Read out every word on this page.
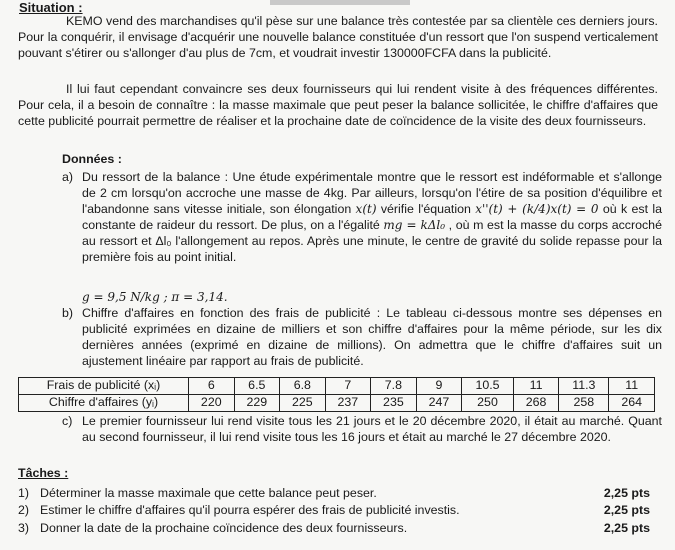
Situation :

KEMO vend des marchandises qu'il pèse sur une balance très contestée par sa clientèle ces derniers jours. Pour la conquérir, il envisage d'acquérir une nouvelle balance constituée d'un ressort que l'on suspend verticalement pouvant s'étirer ou s'allonger d'au plus de 7cm, et voudrait investir 130000FCFA dans la publicité.

Il lui faut cependant convaincre ses deux fournisseurs qui lui rendent visite à des fréquences différentes. Pour cela, il a besoin de connaître : la masse maximale que peut peser la balance sollicitée, le chiffre d'affaires que cette publicité pourrait permettre de réaliser et la prochaine date de coïncidence de la visite des deux fournisseurs.

Données :
a) Du ressort de la balance : Une étude expérimentale montre que le ressort est indéformable et s'allonge de 2 cm lorsqu'on accroche une masse de 4kg. Par ailleurs, lorsqu'on l'étire de sa position d'équilibre et l'abandonne sans vitesse initiale, son élongation x(t) vérifie l'équation x''(t) + (k/4)x(t) = 0 où k est la constante de raideur du ressort. De plus, on a l'égalité mg = kΔl₀ , où m est la masse du corps accroché au ressort et Δl₀ l'allongement au repos. Après une minute, le centre de gravité du solide repasse pour la première fois au point initial.

g = 9,5 N/kg ; π = 3,14.

b) Chiffre d'affaires en fonction des frais de publicité : Le tableau ci-dessous montre ses dépenses en publicité exprimées en dizaine de milliers et son chiffre d'affaires pour la même période, sur les dix dernières années (exprimé en dizaine de millions). On admettra que le chiffre d'affaires suit un ajustement linéaire par rapport au frais de publicité.

Frais de publicité (xᵢ)	6	6.5	6.8	7	7.8	9	10.5	11	11.3	11
Chiffre d'affaires (yᵢ)	220	229	225	237	235	247	250	268	258	264
c) Le premier fournisseur lui rend visite tous les 21 jours et le 20 décembre 2020, il était au marché. Quant au second fournisseur, il lui rend visite tous les 16 jours et était au marché le 27 décembre 2020.

Tâches :
1) Déterminer la masse maximale que cette balance peut peser.	2,25 pts
2) Estimer le chiffre d'affaires qu'il pourra espérer des frais de publicité investis.	2,25 pts
3) Donner la date de la prochaine coïncidence des deux fournisseurs.	2,25 pts
